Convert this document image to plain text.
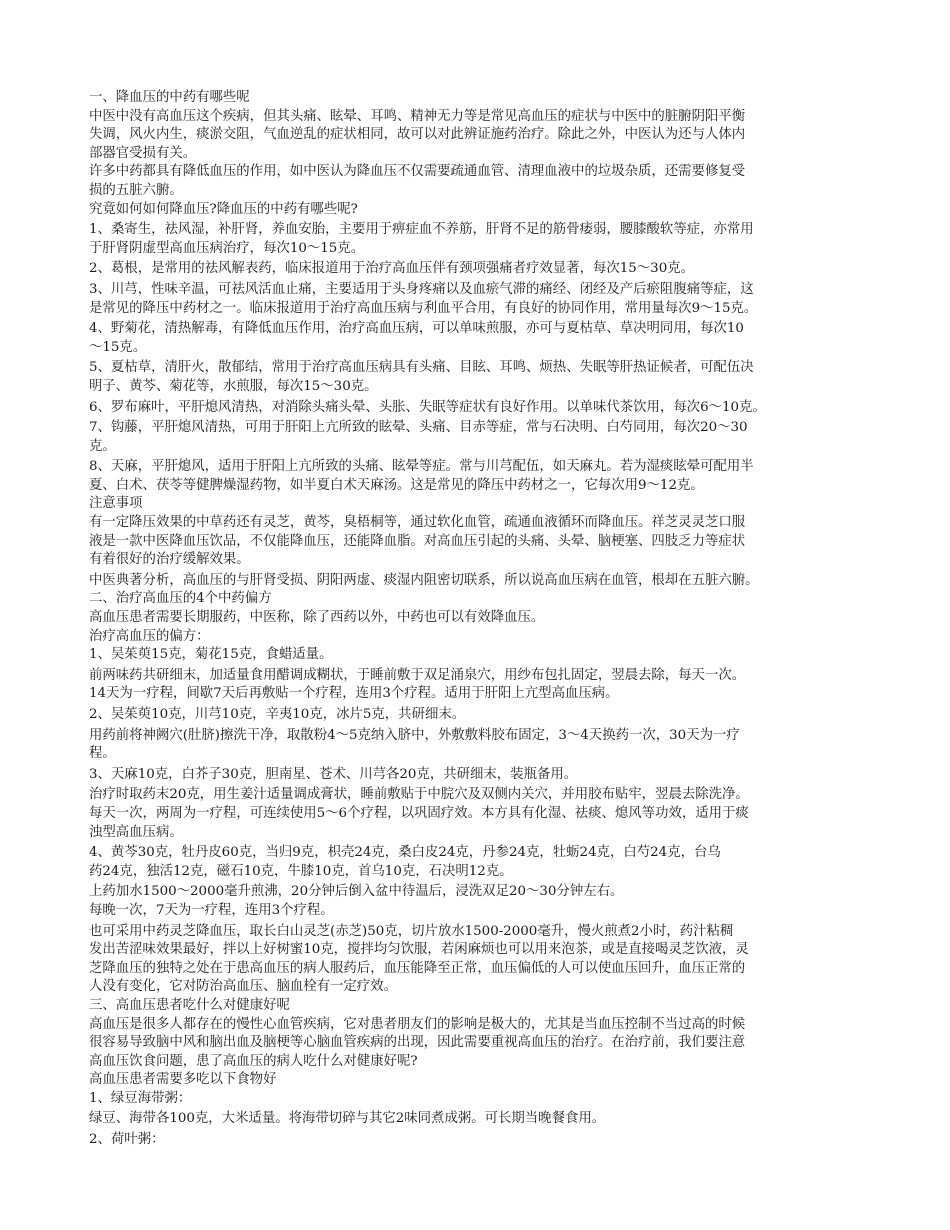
一、降血压的中药有哪些呢
中医中没有高血压这个疾病，但其头痛、眩晕、耳鸣、精神无力等是常见高血压的症状与中医中的脏腑阴阳平衡
失调，风火内生，痰淤交阻，气血逆乱的症状相同，故可以对此辨证施药治疗。除此之外，中医认为还与人体内
部器官受损有关。
许多中药都具有降低血压的作用，如中医认为降血压不仅需要疏通血管、清理血液中的垃圾杂质，还需要修复受
损的五脏六腑。
究竟如何如何降血压?降血压的中药有哪些呢?
1、桑寄生，祛风湿，补肝肾，养血安胎，主要用于痹症血不养筋，肝肾不足的筋骨痿弱，腰膝酸软等症，亦常用
于肝肾阴虚型高血压病治疗，每次10～15克。
2、葛根，是常用的祛风解表药，临床报道用于治疗高血压伴有颈项强痛者疗效显著，每次15～30克。
3、川芎，性味辛温，可祛风活血止痛，主要适用于头身疼痛以及血瘀气滞的痛经、闭经及产后瘀阻腹痛等症，这
是常见的降压中药材之一。临床报道用于治疗高血压病与利血平合用，有良好的协同作用，常用量每次9～15克。
4、野菊花，清热解毒，有降低血压作用，治疗高血压病，可以单味煎服，亦可与夏枯草、草决明同用，每次10
～15克。
5、夏枯草，清肝火，散郁结，常用于治疗高血压病具有头痛、目眩、耳鸣、烦热、失眠等肝热证候者，可配伍决
明子、黄芩、菊花等，水煎服，每次15～30克。
6、罗布麻叶，平肝熄风清热，对消除头痛头晕、头胀、失眠等症状有良好作用。以单味代茶饮用，每次6～10克。
7、钩藤，平肝熄风清热，可用于肝阳上亢所致的眩晕、头痛、目赤等症，常与石决明、白芍同用，每次20～30
克。
8、天麻，平肝熄风，适用于肝阳上亢所致的头痛、眩晕等症。常与川芎配伍，如天麻丸。若为湿痰眩晕可配用半
夏、白术、茯苓等健脾燥湿药物，如半夏白术天麻汤。这是常见的降压中药材之一，它每次用9～12克。
注意事项
有一定降压效果的中草药还有灵芝，黄芩，臭梧桐等，通过软化血管，疏通血液循环而降血压。祥芝灵灵芝口服
液是一款中医降血压饮品，不仅能降血压，还能降血脂。对高血压引起的头痛、头晕、脑梗塞、四肢乏力等症状
有着很好的治疗缓解效果。
中医典著分析，高血压的与肝肾受损、阴阳两虚、痰湿内阻密切联系，所以说高血压病在血管，根却在五脏六腑。
二、治疗高血压的4个中药偏方
高血压患者需要长期服药，中医称，除了西药以外，中药也可以有效降血压。
治疗高血压的偏方：
1、吴茱萸15克，菊花15克，食蜡适量。
前两味药共研细末，加适量食用醋调成糊状，于睡前敷于双足涌泉穴，用纱布包扎固定，翌晨去除，每天一次。
14天为一疗程，间歇7天后再敷贴一个疗程，连用3个疗程。适用于肝阳上亢型高血压病。
2、吴茱萸10克，川芎10克，辛夷10克，冰片5克，共研细末。
用药前将神阙穴(肚脐)擦洗干净，取散粉4～5克纳入脐中，外敷敷料胶布固定，3～4天换药一次，30天为一疗
程。
3、天麻10克，白芥子30克，胆南星、苍术、川芎各20克，共研细末，装瓶备用。
治疗时取药末20克，用生姜汁适量调成膏状，睡前敷贴于中脘穴及双侧内关穴，并用胶布贴牢，翌晨去除洗净。
每天一次，两周为一疗程，可连续使用5～6个疗程，以巩固疗效。本方具有化湿、祛痰、熄风等功效，适用于痰
浊型高血压病。
4、黄芩30克，牡丹皮60克，当归9克，枳壳24克，桑白皮24克，丹参24克，牡蛎24克，白芍24克，台乌
药24克，独活12克，磁石10克，牛膝10克，首乌10克，石决明12克。
上药加水1500～2000毫升煎沸，20分钟后倒入盆中待温后，浸洗双足20～30分钟左右。
每晚一次，7天为一疗程，连用3个疗程。
也可采用中药灵芝降血压，取长白山灵芝(赤芝)50克，切片放水1500-2000毫升，慢火煎煮2小时，药汁粘稠
发出苦涩味效果最好，拌以上好树蜜10克，搅拌均匀饮服，若闲麻烦也可以用来泡茶，或是直接喝灵芝饮液，灵
芝降血压的独特之处在于患高血压的病人服药后，血压能降至正常，血压偏低的人可以使血压回升，血压正常的
人没有变化，它对防治高血压、脑血栓有一定疗效。
三、高血压患者吃什么对健康好呢
高血压是很多人都存在的慢性心血管疾病，它对患者朋友们的影响是极大的，尤其是当血压控制不当过高的时候
很容易导致脑中风和脑出血及脑梗等心脑血管疾病的出现，因此需要重视高血压的治疗。在治疗前，我们要注意
高血压饮食问题，患了高血压的病人吃什么对健康好呢?
高血压患者需要多吃以下食物好
1、绿豆海带粥：
绿豆、海带各100克，大米适量。将海带切碎与其它2味同煮成粥。可长期当晚餐食用。
2、荷叶粥：
